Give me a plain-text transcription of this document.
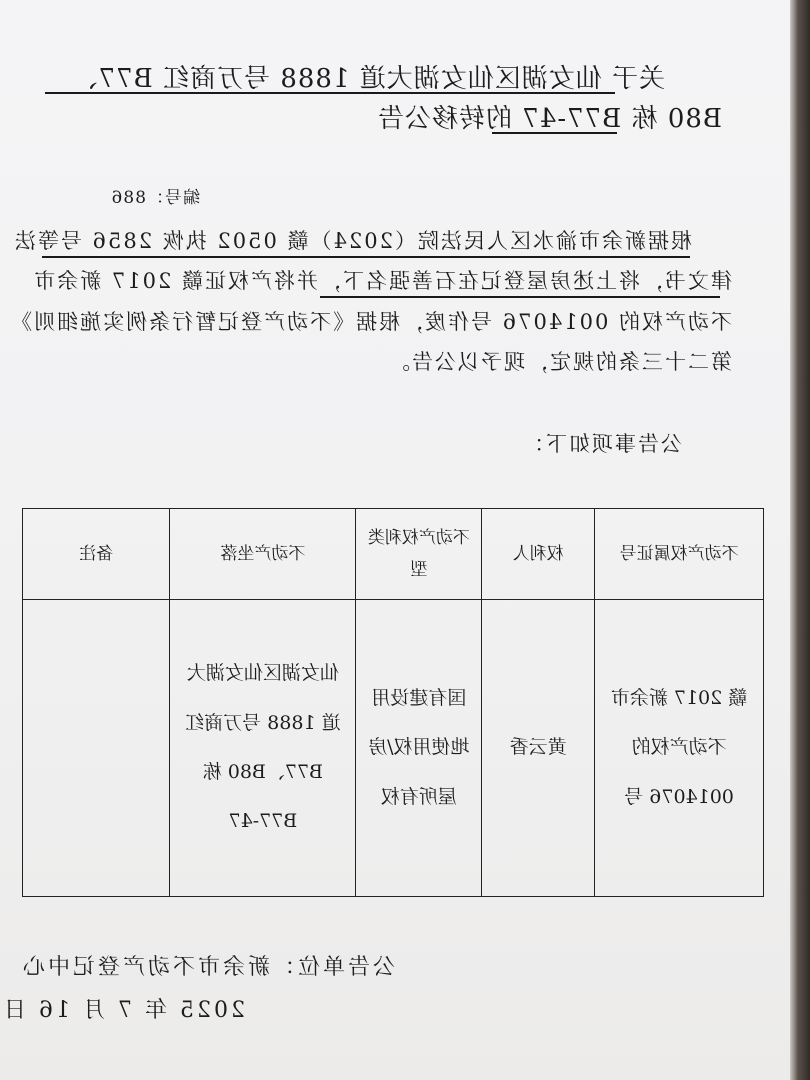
关于 仙女湖区仙女湖大道 1888 号万商红 B77、
B80 栋 B77-47 的转移公告
编号：886
根据新余市渝水区人民法院（2024）赣 0502 执恢 2856 号等法
律文书，将上述房屋登记在石善强名下，并将产权证赣 2017 新余市
不动产权的 0014076 号作废，根据《不动产登记暂行条例实施细则》
第二十三条的规定，现予以公告。
公告事项如下：
不动产权属证号	权利人	不动产权利类型	不动产坐落	备注
赣 2017 新余市不动产权的 0014076 号	黄云香	国有建设用地使用权/房屋所有权	仙女湖区仙女湖大道 1888 号万商红 B77、B80 栋 B77-47	
公告单位：新余市不动产登记中心
2025 年 7 月 16 日
